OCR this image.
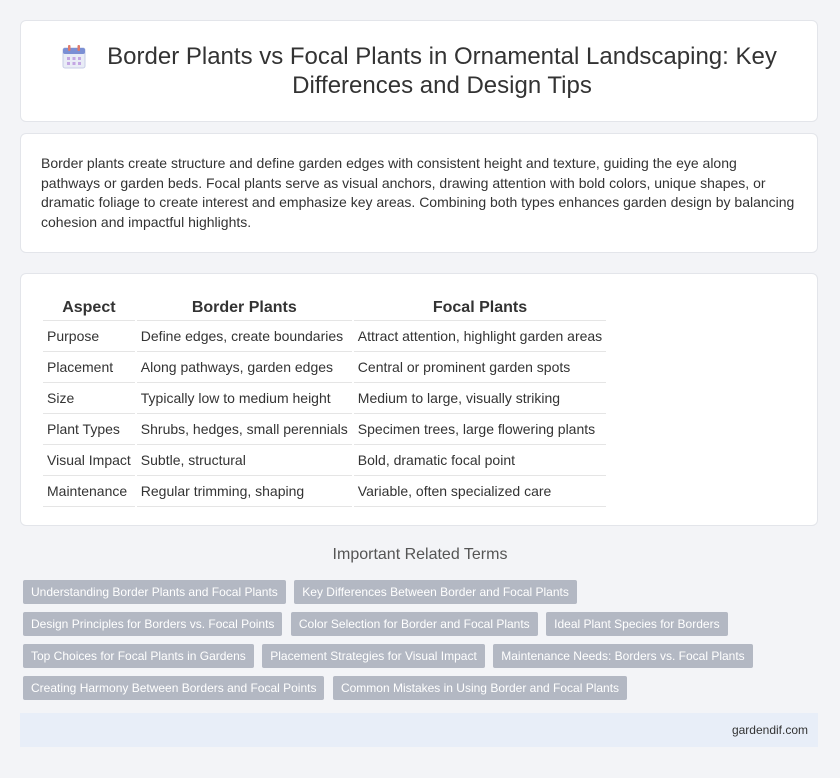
Border Plants vs Focal Plants in Ornamental Landscaping: Key Differences and Design Tips

Border plants create structure and define garden edges with consistent height and texture, guiding the eye along pathways or garden beds. Focal plants serve as visual anchors, drawing attention with bold colors, unique shapes, or dramatic foliage to create interest and emphasize key areas. Combining both types enhances garden design by balancing cohesion and impactful highlights.

Aspect	Border Plants	Focal Plants
Purpose	Define edges, create boundaries	Attract attention, highlight garden areas
Placement	Along pathways, garden edges	Central or prominent garden spots
Size	Typically low to medium height	Medium to large, visually striking
Plant Types	Shrubs, hedges, small perennials	Specimen trees, large flowering plants
Visual Impact	Subtle, structural	Bold, dramatic focal point
Maintenance	Regular trimming, shaping	Variable, often specialized care
Important Related Terms
Understanding Border Plants and Focal Plants Key Differences Between Border and Focal Plants Design Principles for Borders vs. Focal Points Color Selection for Border and Focal Plants Ideal Plant Species for Borders Top Choices for Focal Plants in Gardens Placement Strategies for Visual Impact Maintenance Needs: Borders vs. Focal Plants Creating Harmony Between Borders and Focal Points Common Mistakes in Using Border and Focal Plants
gardendif.com
